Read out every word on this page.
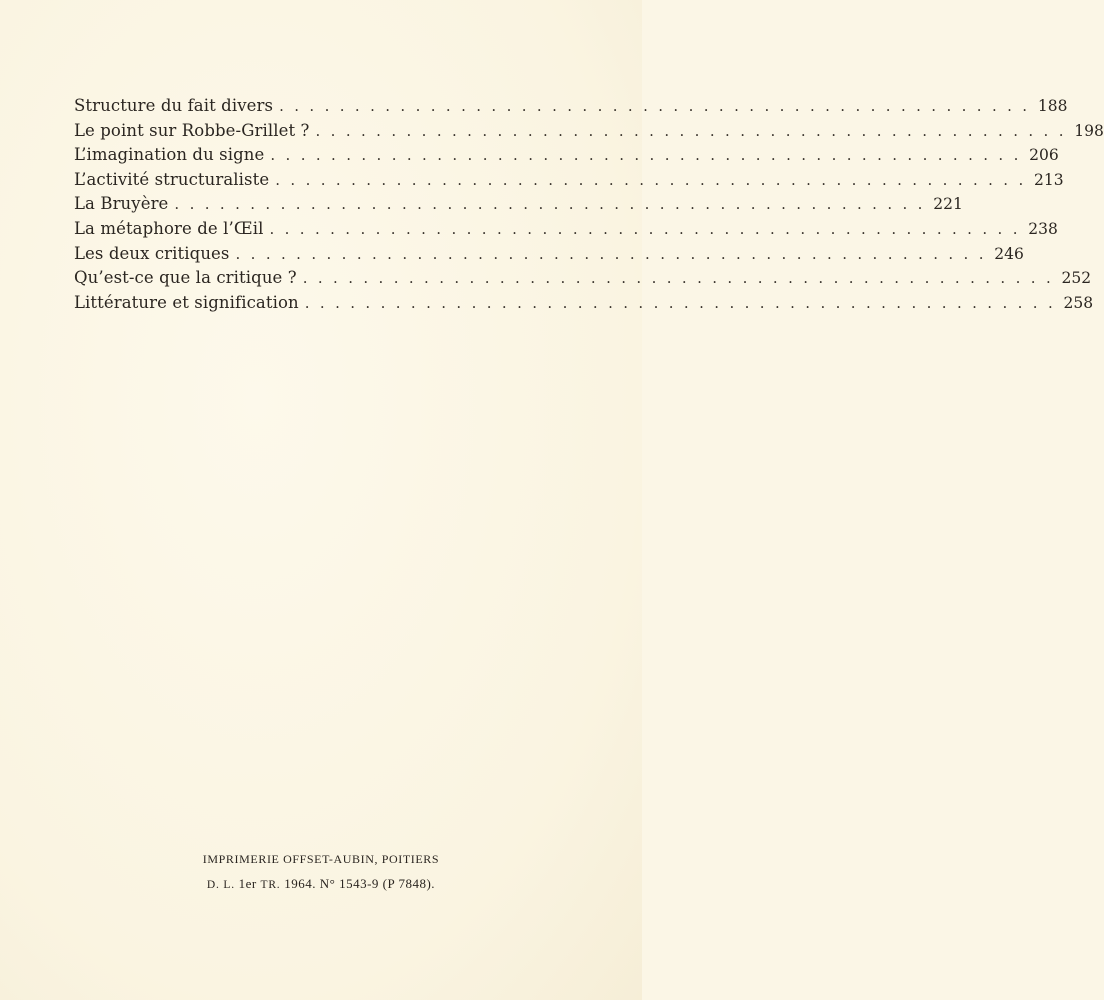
Structure du fait divers .................................................. 188
Le point sur Robbe-Grillet ? .................................................. 198
L’imagination du signe .................................................. 206
L’activité structuraliste .................................................. 213
La Bruyère .................................................. 221
La métaphore de l’Œil .................................................. 238
Les deux critiques .................................................. 246
Qu’est-ce que la critique ? .................................................. 252
Littérature et signification .................................................. 258
IMPRIMERIE OFFSET-AUBIN, POITIERS
D. L. 1er TR. 1964. N° 1543-9 (P 7848).
